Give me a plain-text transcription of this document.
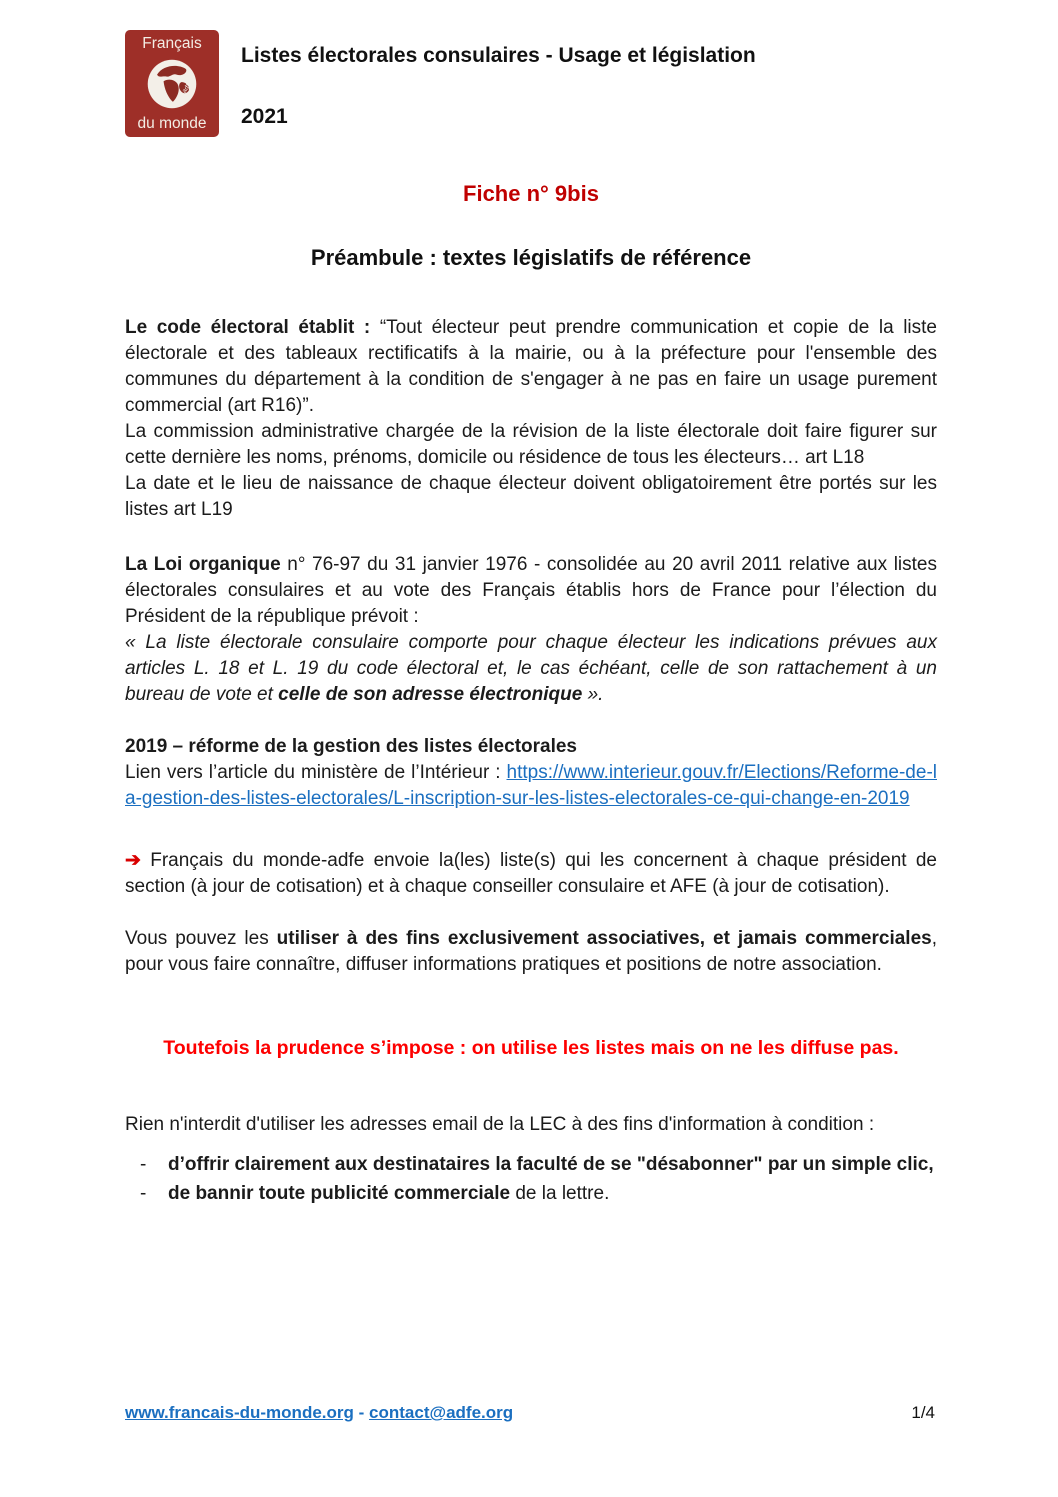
Français
adfe
du monde
Listes électorales consulaires - Usage et législation
2021
Fiche n° 9bis
Préambule : textes législatifs de référence

Le code électoral établit : “Tout électeur peut prendre communication et copie de la liste électorale et des tableaux rectificatifs à la mairie, ou à la préfecture pour l'ensemble des communes du département à la condition de s'engager à ne pas en faire un usage purement commercial (art R16)”.

La commission administrative chargée de la révision de la liste électorale doit faire figurer sur cette dernière les noms, prénoms, domicile ou résidence de tous les électeurs… art L18

La date et le lieu de naissance de chaque électeur doivent obligatoirement être portés sur les listes art L19

La Loi organique n° 76-97 du 31 janvier 1976 - consolidée au 20 avril 2011 relative aux listes électorales consulaires et au vote des Français établis hors de France pour l’élection du Président de la république prévoit :

« La liste électorale consulaire comporte pour chaque électeur les indications prévues aux articles L. 18 et L. 19 du code électoral et, le cas échéant, celle de son rattachement à un bureau de vote et celle de son adresse électronique ».

2019 – réforme de la gestion des listes électorales

Lien vers l’article du ministère de l’Intérieur : https://www.interieur.gouv.fr/Elections/Reforme-de-la-gestion-des-listes-electorales/L-inscription-sur-les-listes-electorales-ce-qui-change-en-2019

➔ Français du monde-adfe envoie la(les) liste(s) qui les concernent à chaque président de section (à jour de cotisation) et à chaque conseiller consulaire et AFE (à jour de cotisation).

Vous pouvez les utiliser à des fins exclusivement associatives, et jamais commerciales, pour vous faire connaître, diffuser informations pratiques et positions de notre association.

Toutefois la prudence s’impose : on utilise les listes mais on ne les diffuse pas.

Rien n'interdit d'utiliser les adresses email de la LEC à des fins d'information à condition :

-	d’offrir clairement aux destinataires la faculté de se "désabonner" par un simple clic,
-	de bannir toute publicité commerciale de la lettre.
www.francais-du-monde.org - contact@adfe.org	1/4
